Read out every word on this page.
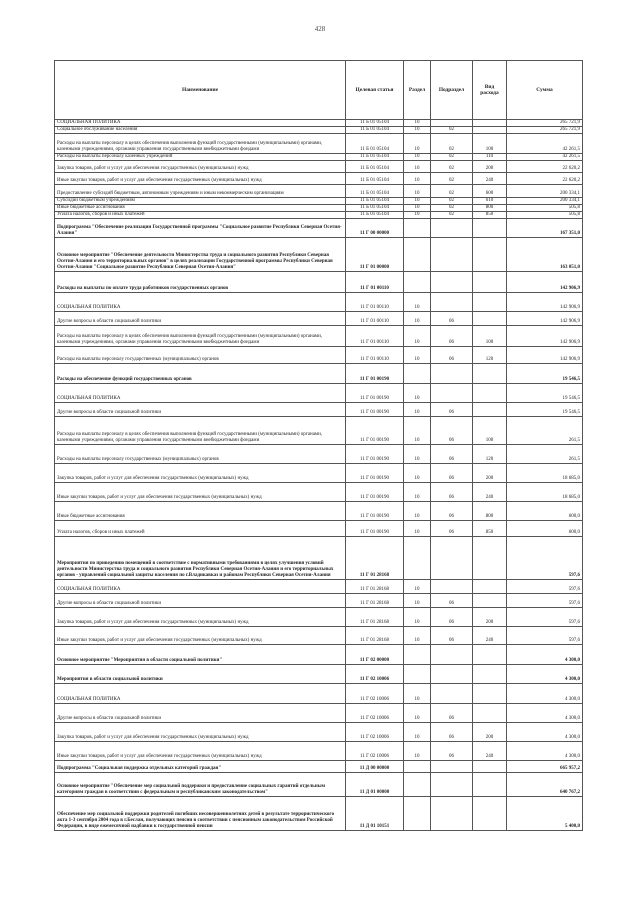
428
Наименование	Целевая статья	Раздел	Подраздел	Вид расхода	Сумма
СОЦИАЛЬНАЯ ПОЛИТИКА	11 Б 01 05104	10			265 721,9
Социальное обслуживание населения	11 Б 01 05104	10	02		265 721,9
Расходы на выплаты персоналу в целях обеспечения выполнения функций государственными (муниципальными) органами, казенными учреждениями, органами управления государственными внебюджетными фондами	11 Б 01 05104	10	02	100	42 261,5
Расходы на выплаты персоналу казенных учреждений	11 Б 01 05104	10	02	110	42 261,5
Закупка товаров, работ и услуг для обеспечения государственных (муниципальных) нужд	11 Б 01 05104	10	02	200	22 620,2
Иные закупки товаров, работ и услуг для обеспечения государственных (муниципальных) нужд	11 Б 01 05104	10	02	240	22 620,2
Предоставление субсидий бюджетным, автономным учреждениям и иным некоммерческим организациям	11 Б 01 05104	10	02	600	200 334,1
Субсидии бюджетным учреждениям	11 Б 01 05104	10	02	610	200 334,1
Иные бюджетные ассигнования	11 Б 01 05104	10	02	800	505,8
Уплата налогов, сборов и иных платежей	11 Б 01 05104	10	02	850	505,8
Подпрограмма "Обеспечение реализации Государственной программы "Социальное развитие Республики Северная Осетия-Алания"	11 Г 00 00000				167 351,0
Основное мероприятие "Обеспечение деятельности Министерства труда и социального развития Республики Северная Осетия-Алания и его территориальных органов" в целях реализации Государственной программы Республики Северная Осетия-Алания "Социальное развитие Республики Северная Осетия-Алания"	11 Г 01 00000				163 051,0
Расходы на выплаты по оплате труда работников государственных органов	11 Г 01 00110				142 906,9
СОЦИАЛЬНАЯ ПОЛИТИКА	11 Г 01 00110	10			142 906,9
Другие вопросы в области социальной политики	11 Г 01 00110	10	06		142 906,9
Расходы на выплаты персоналу в целях обеспечения выполнения функций государственными (муниципальными) органами, казенными учреждениями, органами управления государственными внебюджетными фондами	11 Г 01 00110	10	06	100	142 906,9
Расходы на выплаты персоналу государственных (муниципальных) органов	11 Г 01 00110	10	06	120	142 906,9
Расходы на обеспечение функций государственных органов	11 Г 01 00190				19 546,5
СОЦИАЛЬНАЯ ПОЛИТИКА	11 Г 01 00190	10			19 546,5
Другие вопросы в области социальной политики	11 Г 01 00190	10	06		19 546,5
Расходы на выплаты персоналу в целях обеспечения выполнения функций государственными (муниципальными) органами, казенными учреждениями, органами управления государственными внебюджетными фондами	11 Г 01 00190	10	06	100	261,5
Расходы на выплаты персоналу государственных (муниципальных) органов	11 Г 01 00190	10	06	120	261,5
Закупка товаров, работ и услуг для обеспечения государственных (муниципальных) нужд	11 Г 01 00190	10	06	200	18 685,0
Иные закупки товаров, работ и услуг для обеспечения государственных (муниципальных) нужд	11 Г 01 00190	10	06	240	18 685,0
Иные бюджетные ассигнования	11 Г 01 00190	10	06	800	600,0
Уплата налогов, сборов и иных платежей	11 Г 01 00190	10	06	850	600,0
Мероприятия по приведению помещений в соответствие с нормативными требованиями в целях улучшения условий деятельности Министерства труда и социального развития Республики Северная Осетия-Алания и его территориальных органов - управлений социальной защиты населения по г.Владикавказ и районам Республики Северная Осетия-Алания	11 Г 01 28168				597,6
СОЦИАЛЬНАЯ ПОЛИТИКА	11 Г 01 28168	10			597,6
Другие вопросы в области социальной политики	11 Г 01 28168	10	06		597,6
Закупка товаров, работ и услуг для обеспечения государственных (муниципальных) нужд	11 Г 01 28168	10	06	200	597,6
Иные закупки товаров, работ и услуг для обеспечения государственных (муниципальных) нужд	11 Г 01 28168	10	06	240	597,6
Основное мероприятие "Мероприятия в области социальной политики"	11 Г 02 00000				4 300,0
Мероприятия в области социальной политики	11 Г 02 10006				4 300,0
СОЦИАЛЬНАЯ ПОЛИТИКА	11 Г 02 10006	10			4 300,0
Другие вопросы в области социальной политики	11 Г 02 10006	10	06		4 300,0
Закупка товаров, работ и услуг для обеспечения государственных (муниципальных) нужд	11 Г 02 10006	10	06	200	4 300,0
Иные закупки товаров, работ и услуг для обеспечения государственных (муниципальных) нужд	11 Г 02 10006	10	06	240	4 300,0
Подпрограмма "Социальная поддержка отдельных категорий граждан"	11 Д 00 00000				665 957,2
Основное мероприятие "Обеспечение мер социальной поддержки и предоставление социальных гарантий отдельным категориям граждан в соответствии с федеральным и республиканским законодательством"	11 Д 01 00000				640 767,2
Обеспечение мер социальной поддержки родителей погибших несовершеннолетних детей в результате террористического акта 1-3 сентября 2004 года в г.Беслан, получающих пенсии в соответствии с пенсионным законодательством Российской Федерации, в виде ежемесячной надбавки к государственной пенсии	11 Д 01 10151				5 400,0
